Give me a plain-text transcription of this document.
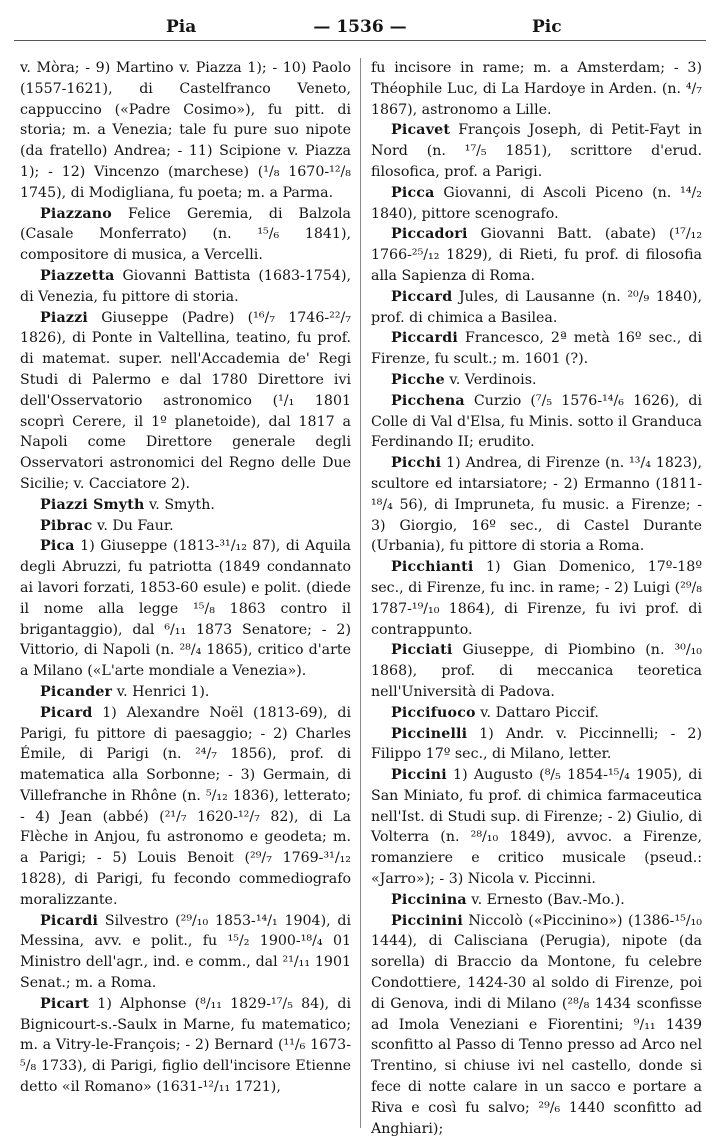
Pia	— 1536 —	Pic

v. Mòra; - 9) Martino v. Piazza 1); - 10) Paolo (1557-1621), di Castelfranco Veneto, cappuccino («Padre Cosimo»), fu pitt. di storia; m. a Venezia; tale fu pure suo nipote (da fratello) Andrea; - 11) Scipione v. Piazza 1); - 12) Vincenzo (marchese) (¹/₈ 1670-¹²/₈ 1745), di Modigliana, fu poeta; m. a Parma.

Piazzano Felice Geremia, di Balzola (Casale Monferrato) (n. ¹⁵/₆ 1841), compositore di musica, a Vercelli.

Piazzetta Giovanni Battista (1683-1754), di Venezia, fu pittore di storia.

Piazzi Giuseppe (Padre) (¹⁶/₇ 1746-²²/₇ 1826), di Ponte in Valtellina, teatino, fu prof. di matemat. super. nell'Accademia de' Regi Studi di Palermo e dal 1780 Direttore ivi dell'Osservatorio astronomico (¹/₁ 1801 scoprì Cerere, il 1º planetoide), dal 1817 a Napoli come Direttore generale degli Osservatori astronomici del Regno delle Due Sicilie; v. Cacciatore 2).

Piazzi Smyth v. Smyth.

Pibrac v. Du Faur.

Pica 1) Giuseppe (1813-³¹/₁₂ 87), di Aquila degli Abruzzi, fu patriotta (1849 condannato ai lavori forzati, 1853-60 esule) e polit. (diede il nome alla legge ¹⁵/₈ 1863 contro il brigantaggio), dal ⁶/₁₁ 1873 Senatore; - 2) Vittorio, di Napoli (n. ²⁸/₄ 1865), critico d'arte a Milano («L'arte mondiale a Venezia»).

Picander v. Henrici 1).

Picard 1) Alexandre Noël (1813-69), di Parigi, fu pittore di paesaggio; - 2) Charles Émile, di Parigi (n. ²⁴/₇ 1856), prof. di matematica alla Sorbonne; - 3) Germain, di Villefranche in Rhône (n. ⁵/₁₂ 1836), letterato; - 4) Jean (abbé) (²¹/₇ 1620-¹²/₇ 82), di La Flèche in Anjou, fu astronomo e geodeta; m. a Parigi; - 5) Louis Benoit (²⁹/₇ 1769-³¹/₁₂ 1828), di Parigi, fu fecondo commediografo moralizzante.

Picardi Silvestro (²⁹/₁₀ 1853-¹⁴/₁ 1904), di Messina, avv. e polit., fu ¹⁵/₂ 1900-¹⁸/₄ 01 Ministro dell'agr., ind. e comm., dal ²¹/₁₁ 1901 Senat.; m. a Roma.

Picart 1) Alphonse (⁸/₁₁ 1829-¹⁷/₅ 84), di Bignicourt-s.-Saulx in Marne, fu matematico; m. a Vitry-le-François; - 2) Bernard (¹¹/₆ 1673-⁵/₈ 1733), di Parigi, figlio dell'incisore Etienne detto «il Romano» (1631-¹²/₁₁ 1721),

fu incisore in rame; m. a Amsterdam; - 3) Théophile Luc, di La Hardoye in Arden. (n. ⁴/₇ 1867), astronomo a Lille.

Picavet François Joseph, di Petit-Fayt in Nord (n. ¹⁷/₅ 1851), scrittore d'erud. filosofica, prof. a Parigi.

Picca Giovanni, di Ascoli Piceno (n. ¹⁴/₂ 1840), pittore scenografo.

Piccadori Giovanni Batt. (abate) (¹⁷/₁₂ 1766-²⁵/₁₂ 1829), di Rieti, fu prof. di filosofia alla Sapienza di Roma.

Piccard Jules, di Lausanne (n. ²⁰/₉ 1840), prof. di chimica a Basilea.

Piccardi Francesco, 2ª metà 16º sec., di Firenze, fu scult.; m. 1601 (?).

Picche v. Verdinois.

Picchena Curzio (⁷/₅ 1576-¹⁴/₆ 1626), di Colle di Val d'Elsa, fu Minis. sotto il Granduca Ferdinando II; erudito.

Picchi 1) Andrea, di Firenze (n. ¹³/₄ 1823), scultore ed intarsiatore; - 2) Ermanno (1811-¹⁸/₄ 56), di Impruneta, fu music. a Firenze; - 3) Giorgio, 16º sec., di Castel Durante (Urbania), fu pittore di storia a Roma.

Picchianti 1) Gian Domenico, 17º-18º sec., di Firenze, fu inc. in rame; - 2) Luigi (²⁹/₈ 1787-¹⁹/₁₀ 1864), di Firenze, fu ivi prof. di contrappunto.

Picciati Giuseppe, di Piombino (n. ³⁰/₁₀ 1868), prof. di meccanica teoretica nell'Università di Padova.

Piccifuoco v. Dattaro Piccif.

Piccinelli 1) Andr. v. Piccinnelli; - 2) Filippo 17º sec., di Milano, letter.

Piccini 1) Augusto (⁸/₅ 1854-¹⁵/₄ 1905), di San Miniato, fu prof. di chimica farmaceutica nell'Ist. di Studi sup. di Firenze; - 2) Giulio, di Volterra (n. ²⁸/₁₀ 1849), avvoc. a Firenze, romanziere e critico musicale (pseud.: «Jarro»); - 3) Nicola v. Piccinni.

Piccinina v. Ernesto (Bav.-Mo.).

Piccinini Niccolò («Piccinino») (1386-¹⁵/₁₀ 1444), di Calisciana (Perugia), nipote (da sorella) di Braccio da Montone, fu celebre Condottiere, 1424-30 al soldo di Firenze, poi di Genova, indi di Milano (²⁸/₈ 1434 sconfisse ad Imola Veneziani e Fiorentini; ⁹/₁₁ 1439 sconfitto al Passo di Tenno presso ad Arco nel Trentino, si chiuse ivi nel castello, donde si fece di notte calare in un sacco e portare a Riva e così fu salvo; ²⁹/₆ 1440 sconfitto ad Anghiari);
